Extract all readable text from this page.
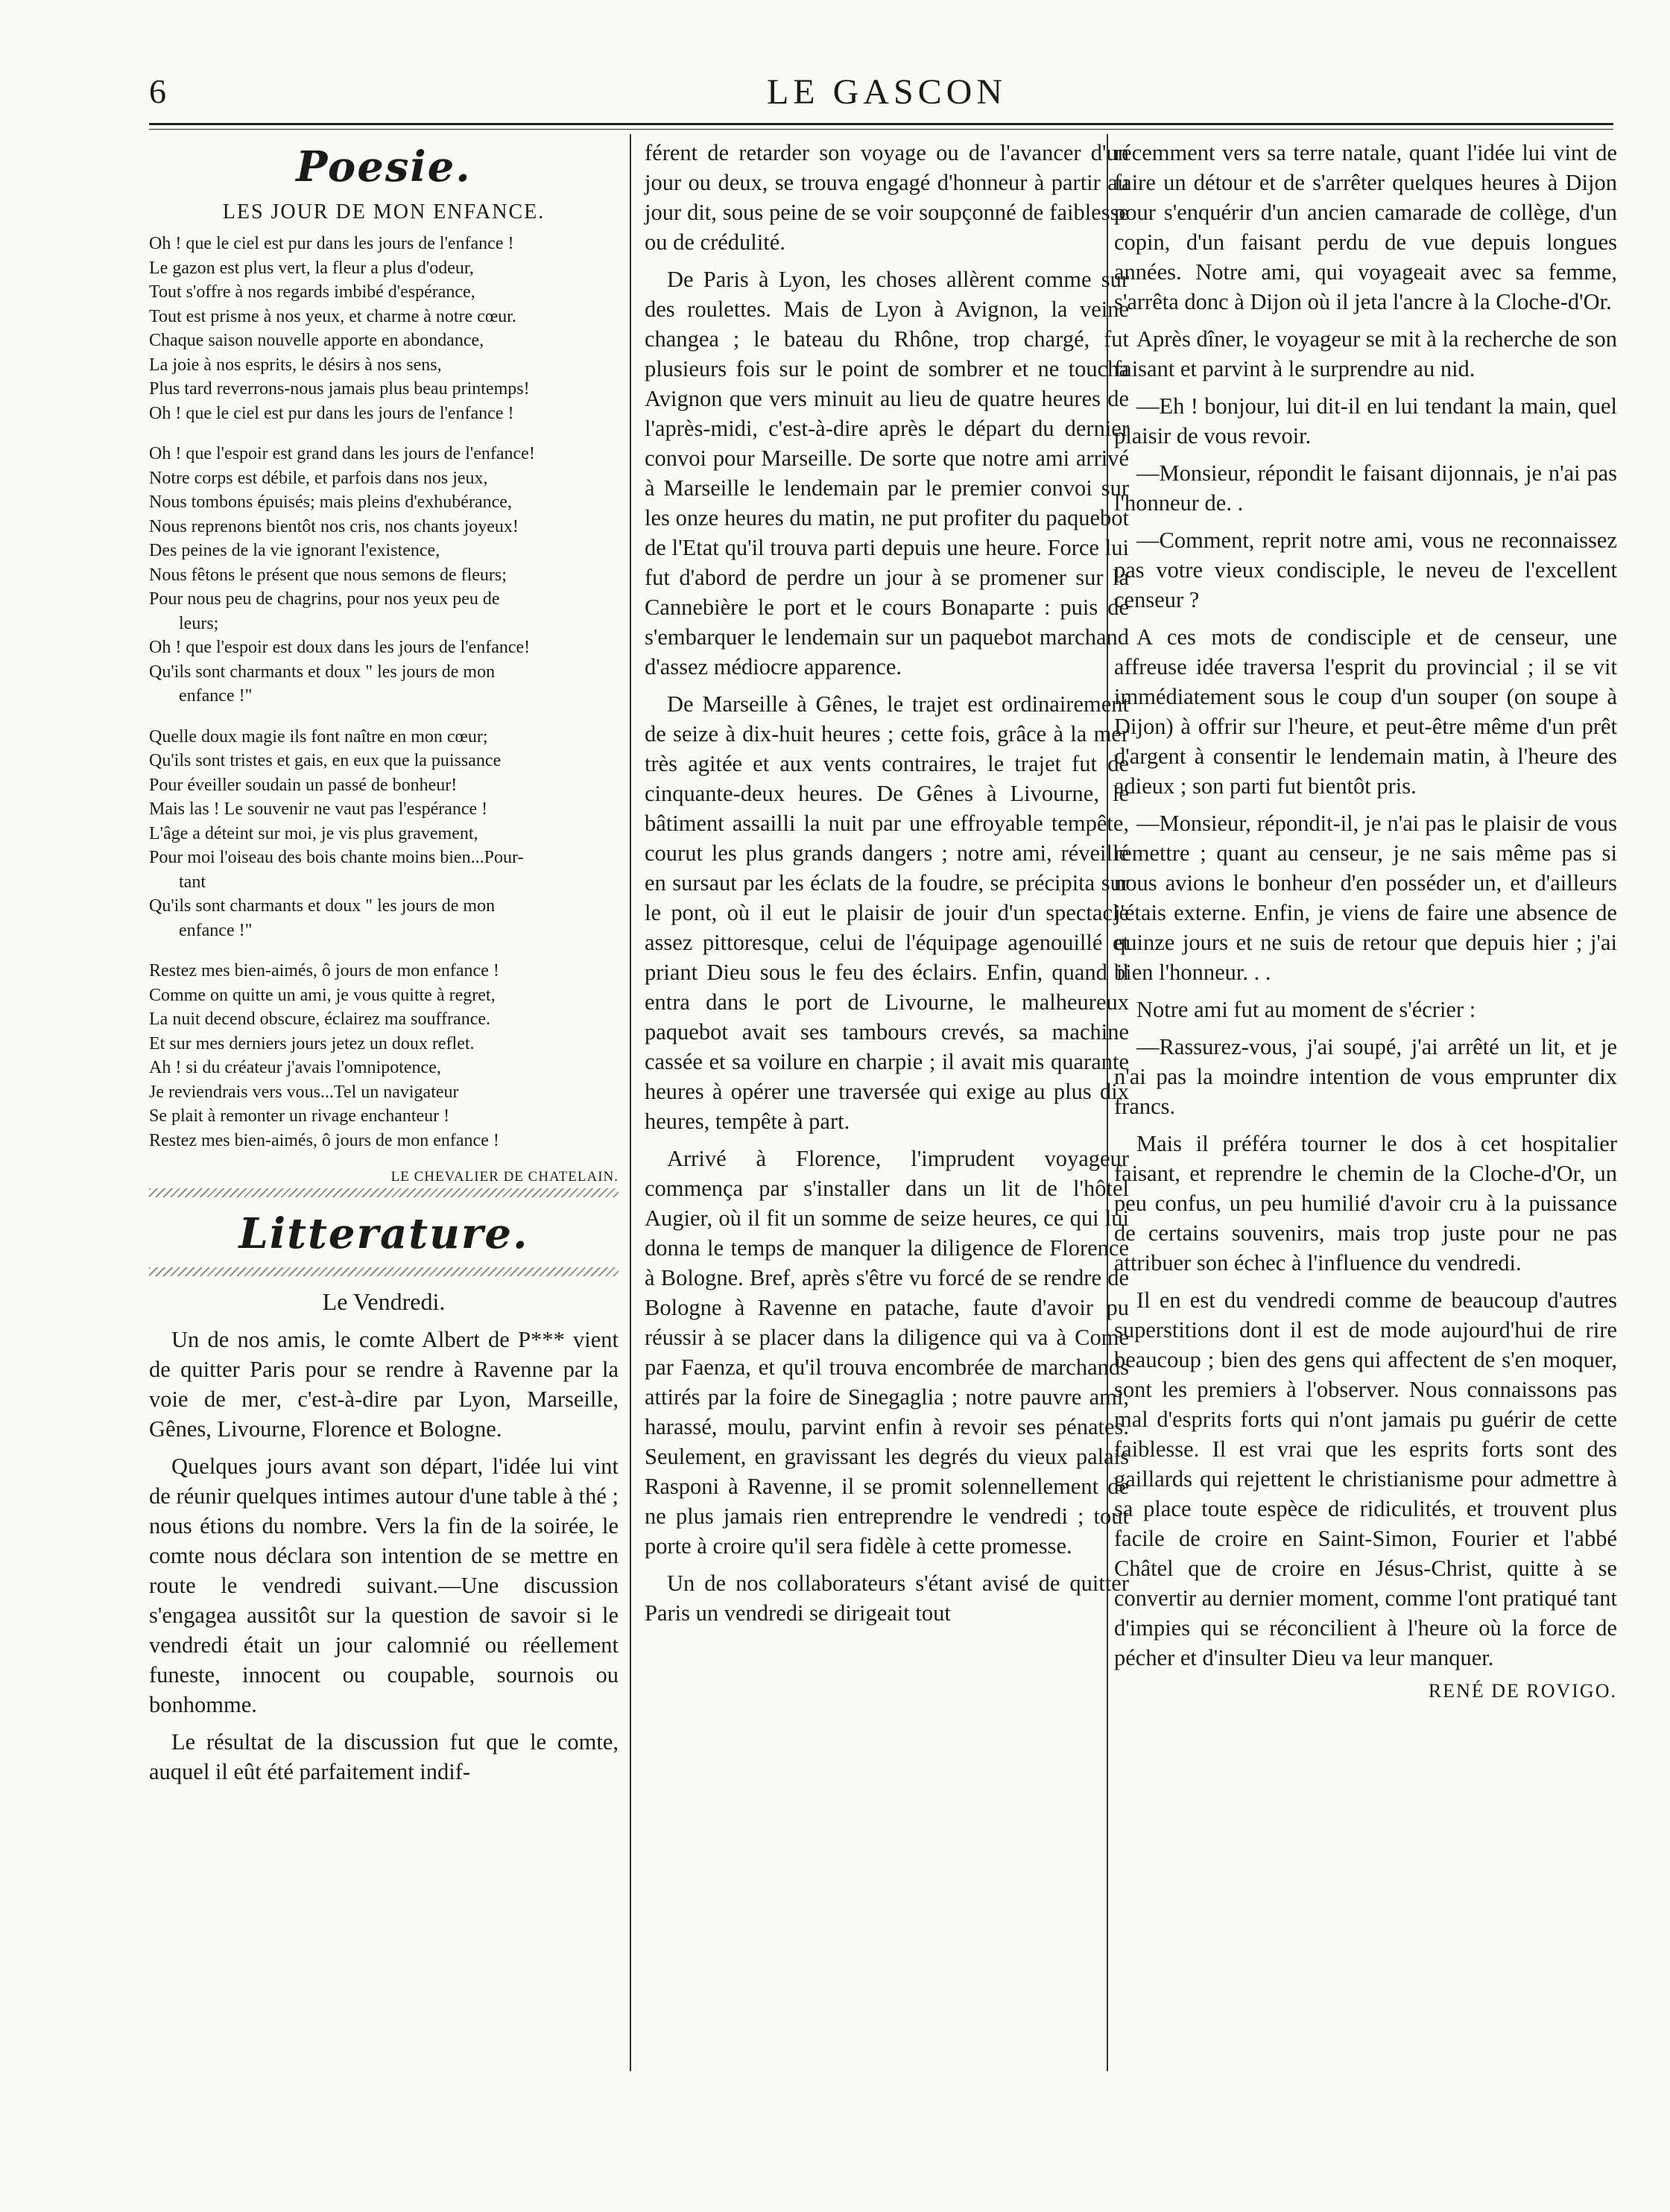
6	LE GASCON
Poesie.
LES JOUR DE MON ENFANCE.
Oh ! que le ciel est pur dans les jours de l'enfance !
Le gazon est plus vert, la fleur a plus d'odeur,
Tout s'offre à nos regards imbibé d'espérance,
Tout est prisme à nos yeux, et charme à notre cœur.
Chaque saison nouvelle apporte en abondance,
La joie à nos esprits, le désirs à nos sens,
Plus tard reverrons-nous jamais plus beau printemps!
Oh ! que le ciel est pur dans les jours de l'enfance !
Oh ! que l'espoir est grand dans les jours de l'enfance!
Notre corps est débile, et parfois dans nos jeux,
Nous tombons épuisés; mais pleins d'exhubérance,
Nous reprenons bientôt nos cris, nos chants joyeux!
Des peines de la vie ignorant l'existence,
Nous fêtons le présent que nous semons de fleurs;
Pour nous peu de chagrins, pour nos yeux peu de
leurs;
Oh ! que l'espoir est doux dans les jours de l'enfance!
Qu'ils sont charmants et doux " les jours de mon
enfance !"
Quelle doux magie ils font naître en mon cœur;
Qu'ils sont tristes et gais, en eux que la puissance
Pour éveiller soudain un passé de bonheur!
Mais las ! Le souvenir ne vaut pas l'espérance !
L'âge a déteint sur moi, je vis plus gravement,
Pour moi l'oiseau des bois chante moins bien...Pour-
tant
Qu'ils sont charmants et doux " les jours de mon
enfance !"
Restez mes bien-aimés, ô jours de mon enfance !
Comme on quitte un ami, je vous quitte à regret,
La nuit decend obscure, éclairez ma souffrance.
Et sur mes derniers jours jetez un doux reflet.
Ah ! si du créateur j'avais l'omnipotence,
Je reviendrais vers vous...Tel un navigateur
Se plait à remonter un rivage enchanteur !
Restez mes bien-aimés, ô jours de mon enfance !
LE CHEVALIER DE CHATELAIN.
Litterature.
Le Vendredi.

Un de nos amis, le comte Albert de P*** vient de quitter Paris pour se rendre à Ravenne par la voie de mer, c'est-à-dire par Lyon, Marseille, Gênes, Livourne, Florence et Bologne.

Quelques jours avant son départ, l'idée lui vint de réunir quelques intimes autour d'une table à thé ; nous étions du nombre. Vers la fin de la soirée, le comte nous déclara son intention de se mettre en route le vendredi suivant.—Une discussion s'engagea aussitôt sur la question de savoir si le vendredi était un jour calomnié ou réellement funeste, innocent ou coupable, sournois ou bonhomme.

Le résultat de la discussion fut que le comte, auquel il eût été parfaitement indif-

férent de retarder son voyage ou de l'avancer d'un jour ou deux, se trouva engagé d'honneur à partir au jour dit, sous peine de se voir soupçonné de faiblesse ou de crédulité.

De Paris à Lyon, les choses allèrent comme sur des roulettes. Mais de Lyon à Avignon, la veine changea ; le bateau du Rhône, trop chargé, fut plusieurs fois sur le point de sombrer et ne toucha Avignon que vers minuit au lieu de quatre heures de l'après-midi, c'est-à-dire après le départ du dernier convoi pour Marseille. De sorte que notre ami arrivé à Marseille le lendemain par le premier convoi sur les onze heures du matin, ne put profiter du paquebot de l'Etat qu'il trouva parti depuis une heure. Force lui fut d'abord de perdre un jour à se promener sur la Cannebière le port et le cours Bonaparte : puis de s'embarquer le lendemain sur un paquebot marchand d'assez médiocre apparence.

De Marseille à Gênes, le trajet est ordinairement de seize à dix-huit heures ; cette fois, grâce à la mer très agitée et aux vents contraires, le trajet fut de cinquante-deux heures. De Gênes à Livourne, le bâtiment assailli la nuit par une effroyable tempête, courut les plus grands dangers ; notre ami, réveillé en sursaut par les éclats de la foudre, se précipita sur le pont, où il eut le plaisir de jouir d'un spectacle assez pittoresque, celui de l'équipage agenouillé et priant Dieu sous le feu des éclairs. Enfin, quand il entra dans le port de Livourne, le malheureux paquebot avait ses tambours crevés, sa machine cassée et sa voilure en charpie ; il avait mis quarante heures à opérer une traversée qui exige au plus dix heures, tempête à part.

Arrivé à Florence, l'imprudent voyageur commença par s'installer dans un lit de l'hôtel Augier, où il fit un somme de seize heures, ce qui lui donna le temps de manquer la diligence de Florence à Bologne. Bref, après s'être vu forcé de se rendre de Bologne à Ravenne en patache, faute d'avoir pu réussir à se placer dans la diligence qui va à Come par Faenza, et qu'il trouva encombrée de marchands attirés par la foire de Sinegaglia ; notre pauvre ami, harassé, moulu, parvint enfin à revoir ses pénates. Seulement, en gravissant les degrés du vieux palais Rasponi à Ravenne, il se promit solennellement de ne plus jamais rien entreprendre le vendredi ; tout porte à croire qu'il sera fidèle à cette promesse.

Un de nos collaborateurs s'étant avisé de quitter Paris un vendredi se dirigeait tout

récemment vers sa terre natale, quant l'idée lui vint de faire un détour et de s'arrêter quelques heures à Dijon pour s'enquérir d'un ancien camarade de collège, d'un copin, d'un faisant perdu de vue depuis longues années. Notre ami, qui voyageait avec sa femme, s'arrêta donc à Dijon où il jeta l'ancre à la Cloche-d'Or.

Après dîner, le voyageur se mit à la recherche de son faisant et parvint à le surprendre au nid.

—Eh ! bonjour, lui dit-il en lui tendant la main, quel plaisir de vous revoir.

—Monsieur, répondit le faisant dijonnais, je n'ai pas l'honneur de. .

—Comment, reprit notre ami, vous ne reconnaissez pas votre vieux condisciple, le neveu de l'excellent censeur ?

A ces mots de condisciple et de censeur, une affreuse idée traversa l'esprit du provincial ; il se vit immédiatement sous le coup d'un souper (on soupe à Dijon) à offrir sur l'heure, et peut-être même d'un prêt d'argent à consentir le lendemain matin, à l'heure des adieux ; son parti fut bientôt pris.

—Monsieur, répondit-il, je n'ai pas le plaisir de vous remettre ; quant au censeur, je ne sais même pas si nous avions le bonheur d'en posséder un, et d'ailleurs j'étais externe. Enfin, je viens de faire une absence de quinze jours et ne suis de retour que depuis hier ; j'ai bien l'honneur. . .

Notre ami fut au moment de s'écrier :

—Rassurez-vous, j'ai soupé, j'ai arrêté un lit, et je n'ai pas la moindre intention de vous emprunter dix francs.

Mais il préféra tourner le dos à cet hospitalier faisant, et reprendre le chemin de la Cloche-d'Or, un peu confus, un peu humilié d'avoir cru à la puissance de certains souvenirs, mais trop juste pour ne pas attribuer son échec à l'influence du vendredi.

Il en est du vendredi comme de beaucoup d'autres superstitions dont il est de mode aujourd'hui de rire beaucoup ; bien des gens qui affectent de s'en moquer, sont les premiers à l'observer. Nous connaissons pas mal d'esprits forts qui n'ont jamais pu guérir de cette faiblesse. Il est vrai que les esprits forts sont des gaillards qui rejettent le christianisme pour admettre à sa place toute espèce de ridiculités, et trouvent plus facile de croire en Saint-Simon, Fourier et l'abbé Châtel que de croire en Jésus-Christ, quitte à se convertir au dernier moment, comme l'ont pratiqué tant d'impies qui se réconcilient à l'heure où la force de pécher et d'insulter Dieu va leur manquer.

RENÉ DE ROVIGO.
